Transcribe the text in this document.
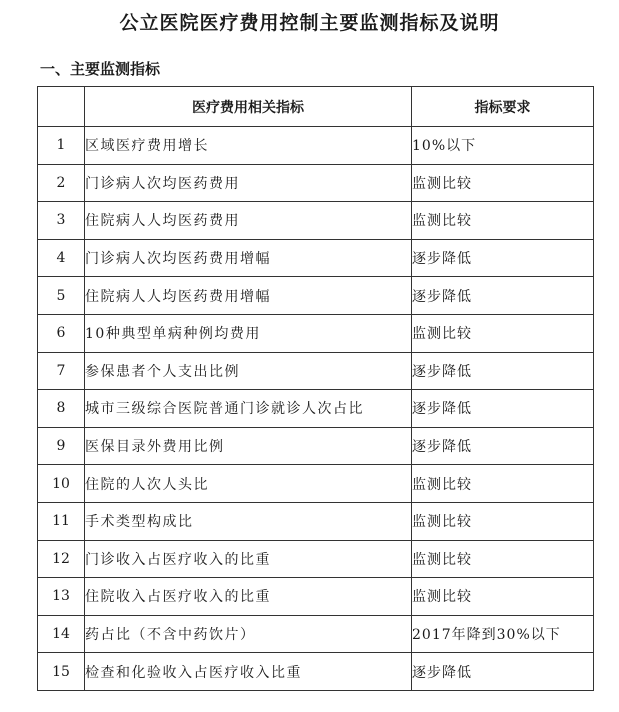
公立医院医疗费用控制主要监测指标及说明
一、主要监测指标
	医疗费用相关指标	指标要求
1	区域医疗费用增长	10%以下
2	门诊病人次均医药费用	监测比较
3	住院病人人均医药费用	监测比较
4	门诊病人次均医药费用增幅	逐步降低
5	住院病人人均医药费用增幅	逐步降低
6	10种典型单病种例均费用	监测比较
7	参保患者个人支出比例	逐步降低
8	城市三级综合医院普通门诊就诊人次占比	逐步降低
9	医保目录外费用比例	逐步降低
10	住院的人次人头比	监测比较
11	手术类型构成比	监测比较
12	门诊收入占医疗收入的比重	监测比较
13	住院收入占医疗收入的比重	监测比较
14	药占比（不含中药饮片）	2017年降到30%以下
15	检查和化验收入占医疗收入比重	逐步降低
